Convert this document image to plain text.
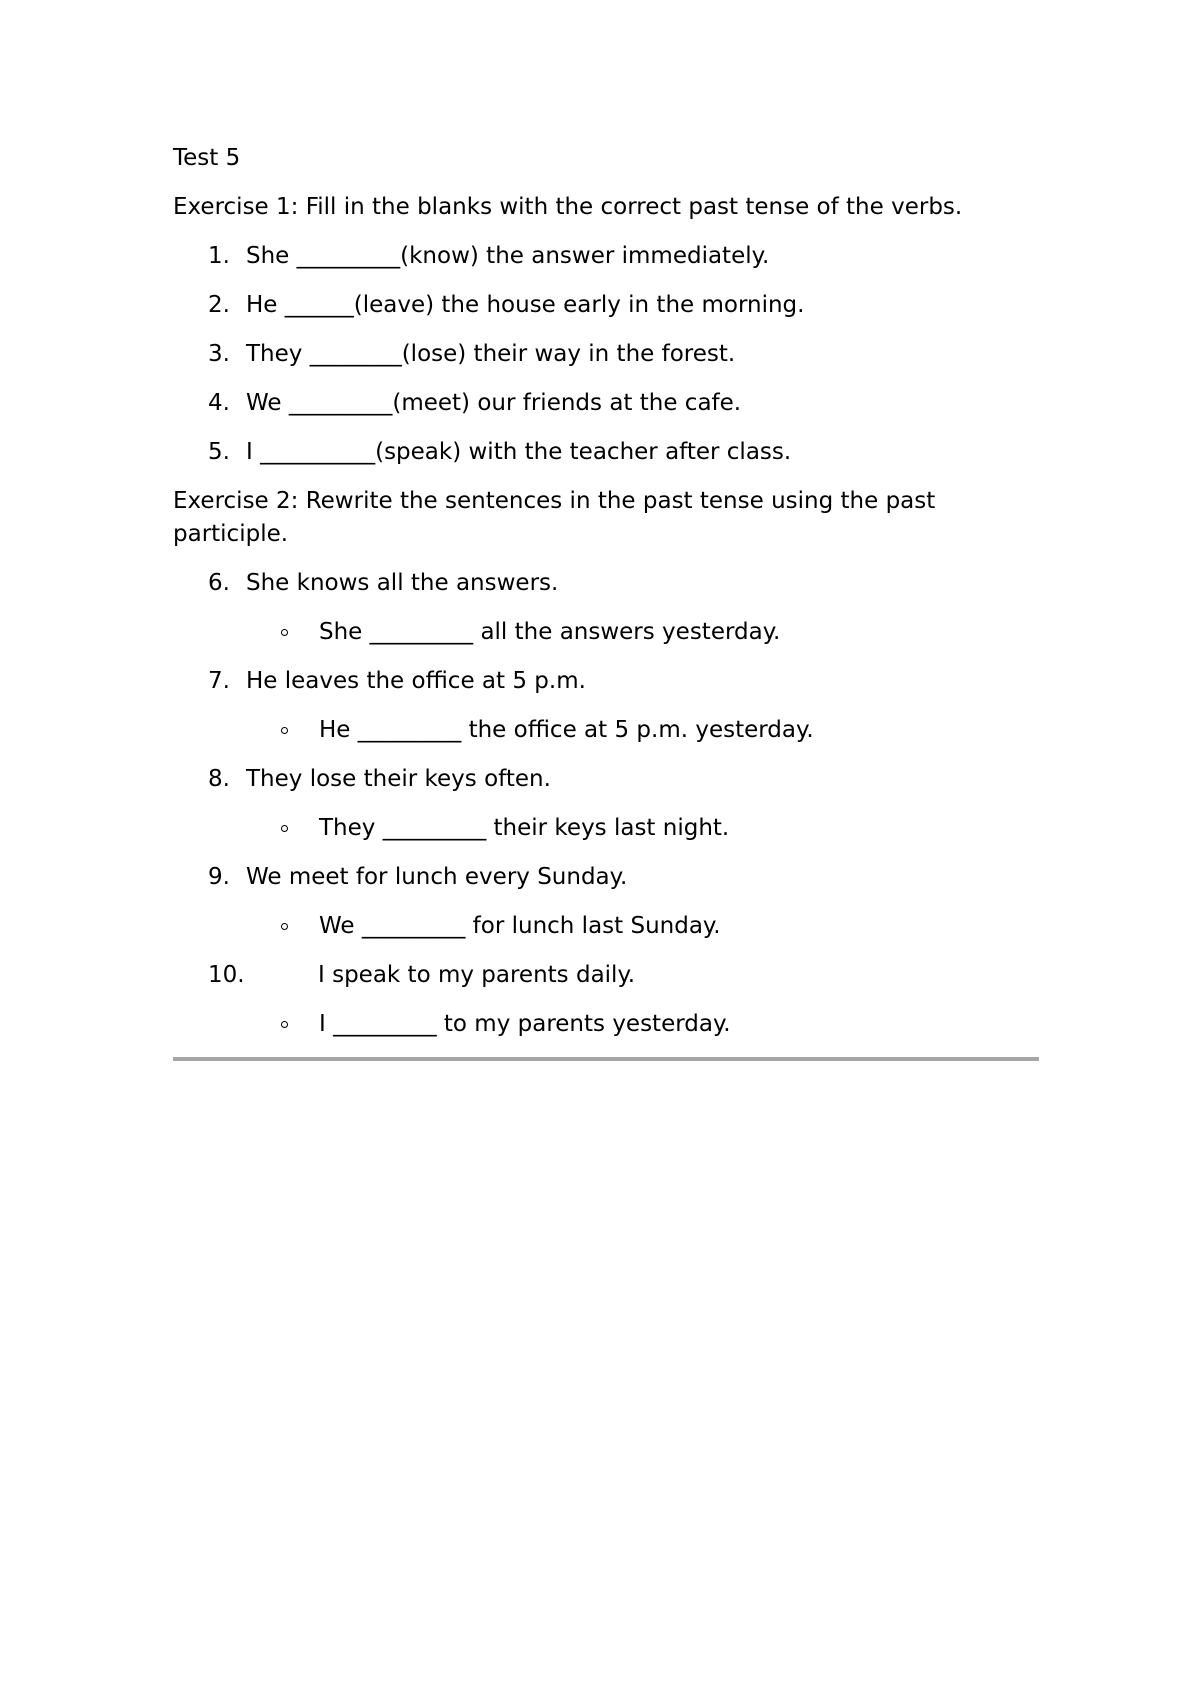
Test 5

Exercise 1: Fill in the blanks with the correct past tense of the verbs.

1. She _________(know) the answer immediately.
2. He ______(leave) the house early in the morning.
3. They ________(lose) their way in the forest.
4. We _________(meet) our friends at the cafe.
5. I __________(speak) with the teacher after class.

Exercise 2: Rewrite the sentences in the past tense using the past participle.

6. She knows all the answers.
She _________ all the answers yesterday.
7. He leaves the office at 5 p.m.
He _________ the office at 5 p.m. yesterday.
8. They lose their keys often.
They _________ their keys last night.
9. We meet for lunch every Sunday.
We _________ for lunch last Sunday.
10.	I speak to my parents daily.
I _________ to my parents yesterday.
